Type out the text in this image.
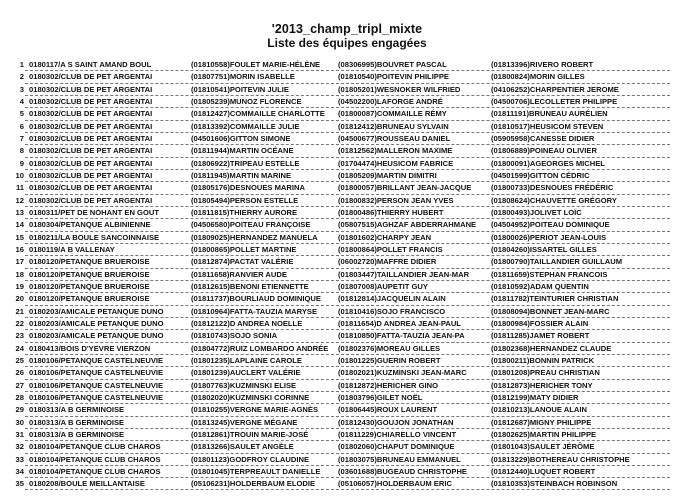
'2013_champ_tripl_mixte
Liste des équipes engagées
1 0180117/A S SAINT AMAND BOUL	(01810558)FOULET MARIE-HÉLÈNE	(08306995)BOUVRET PASCAL	(01813396)RIVERO ROBERT
2 0180302/CLUB DE PET ARGENTAI	(01807751)MORIN ISABELLE	(01810540)POITEVIN PHILIPPE	(01800824)MORIN GILLES
3 0180302/CLUB DE PET ARGENTAI	(01810541)POITEVIN JULIE	(01805201)WESNOKER WILFRIED	(04106252)CHARPENTIER JEROME
4 0180302/CLUB DE PET ARGENTAI	(01805239)MUNOZ FLORENCE	(04502200)LAFORGE ANDRÉ	(04500706)LECOLLETER PHILIPPE
5 0180302/CLUB DE PET ARGENTAI	(01812427)COMMAILLE CHARLOTTE	(01800087)COMMAILLE RÉMY	(01811191)BRUNEAU AURÉLIEN
6 0180302/CLUB DE PET ARGENTAI	(01813392)COMMAILLE JULIE	(01812412)BRUNEAU SYLVAIN	(01810517)HEUSICOM STEVEN
7 0180302/CLUB DE PET ARGENTAI	(04501606)GITTON SIMONE	(04500677)ROUSSEAU DANIEL	(05905958)CANESSE DIDIER
8 0180302/CLUB DE PET ARGENTAI	(01811944)MARTIN OCÉANE	(01812562)MALLERON MAXIME	(01806889)POINEAU OLIVIER
9 0180302/CLUB DE PET ARGENTAI	(01806922)TRIPEAU ESTELLE	(01704474)HEUSICOM FABRICE	(01800091)AGEORGES MICHEL
10 0180302/CLUB DE PET ARGENTAI	(01811945)MARTIN MARINE	(01805209)MARTIN DIMITRI	(04501599)GITTON CÉDRIC
11 0180302/CLUB DE PET ARGENTAI	(01805176)DESNOUES MARINA	(01800057)BRILLANT JEAN-JACQUE	(01800733)DESNOUES FRÉDÉRIC
12 0180302/CLUB DE PET ARGENTAI	(01805494)PERSON ESTELLE	(01800832)PERSON JEAN YVES	(01808624)CHAUVETTE GRÉGORY
13 0180311/PET DE NOHANT EN GOUT	(01811815)THIERRY AURORE	(01800486)THIERRY HUBERT	(01800493)JOLIVET LOÏC
14 0180304/PETANQUE ALBINIENNE	(04506580)POITEAU FRANÇOISE	(05807515)AGHZAF ABDERRAHMANE	(04504952)POITEAU DOMINIQUE
15 0180211/LA BOULE SANCOINNAISE	(01809025)HERNANDEZ MANUELA	(01801602)CHARPY JEAN	(01800026)PERIOT JEAN-LOUIS
16 0180119/A B VALLENAY	(01800865)POLLET MARTINE	(01800864)POLLET FRANCIS	(01804260)ISSARTEL GILLES
17 0180120/PETANQUE BRUEROISE	(01812874)PACTAT VALÉRIE	(06002720)MAFFRE DIDIER	(01800790)TAILLANDIER GUILLAUM
18 0180120/PETANQUE BRUEROISE	(01811658)RANVIER AUDE	(01803447)TAILLANDIER JEAN-MAR	(01811659)STEPHAN FRANCOIS
19 0180120/PETANQUE BRUEROISE	(01812615)BENONI ETIENNETTE	(01807008)AUPETIT GUY	(01810592)ADAM QUENTIN
20 0180120/PETANQUE BRUEROISE	(01811737)BOURLIAUD DOMINIQUE	(01812814)JACQUELIN ALAIN	(01811782)TEINTURIER CHRISTIAN
21 0180203/AMICALE PETANQUE DUNO	(01810964)FATTA-TAUZIA MARYSE	(01810416)SOJO FRANCISCO	(01808094)BONNET JEAN-MARC
22 0180203/AMICALE PETANQUE DUNO	(01812122)D ANDREA NOELLE	(01811654)D ANDREA JEAN-PAUL	(01800984)FOSSIER ALAIN
23 0180203/AMICALE PETANQUE DUNO	(01810743)SOJO SONIA	(01810850)FATTA-TAUZIA JEAN-PA	(01811285)JAMET ROBERT
24 0180413/BOIS D'YEVRE VIERZON	(01804772)RUIZ LOMBARDO ANDRÉE	(01802376)MOREAU GILLES	(01802368)HERNANDEZ CLAUDE
25 0180106/PETANQUE CASTELNEUVIE	(01801235)LAPLAINE CAROLE	(01801225)GUERIN ROBERT	(01800211)BONNIN PATRICK
26 0180106/PETANQUE CASTELNEUVIE	(01801239)AUCLERT VALÉRIE	(01802021)KUZMINSKI JEAN-MARC	(01801208)PREAU CHRISTIAN
27 0180106/PETANQUE CASTELNEUVIE	(01807763)KUZMINSKI ELISE	(01812872)HERICHER GINO	(01812873)HERICHER TONY
28 0180106/PETANQUE CASTELNEUVIE	(01802020)KUZMINSKI CORINNE	(01803796)GILET NOËL	(01812199)MATY DIDIER
29 0180313/A B GERMINOISE	(01810255)VERGNE MARIE-AGNÈS	(01806445)ROUX LAURENT	(01810213)LANOUE ALAIN
30 0180313/A B GERMINOISE	(01813245)VERGNE MÉGANE	(01812430)GOUJON JONATHAN	(01812687)MIGNY PHILIPPE
31 0180313/A B GERMINOISE	(01812861)TROUIN MARIE-JOSÉ	(01811229)CHIARELLO VINCENT	(01802625)MARTIN PHILIPPE
32 0180104/PETANQUE CLUB CHAROS	(01813266)SAULET ANGÈLE	(01802060)CHAPUT DOMINIQUE	(01801043)SAULET JÉRÔME
33 0180104/PETANQUE CLUB CHAROS	(01801123)GODFROY CLAUDINE	(01803075)BRUNEAU EMMANUEL	(01813229)BOTHEREAU CHRISTOPHE
34 0180104/PETANQUE CLUB CHAROS	(01801045)TERPREAULT DANIELLE	(03601688)BUGEAUD CHRISTOPHE	(01812440)LUQUET ROBERT
35 0180208/BOULE MEILLANTAISE	(05106231)HOLDERBAUM ELODIE	(05106057)HOLDERBAUM ERIC	(01810353)STEINBACH ROBINSON
